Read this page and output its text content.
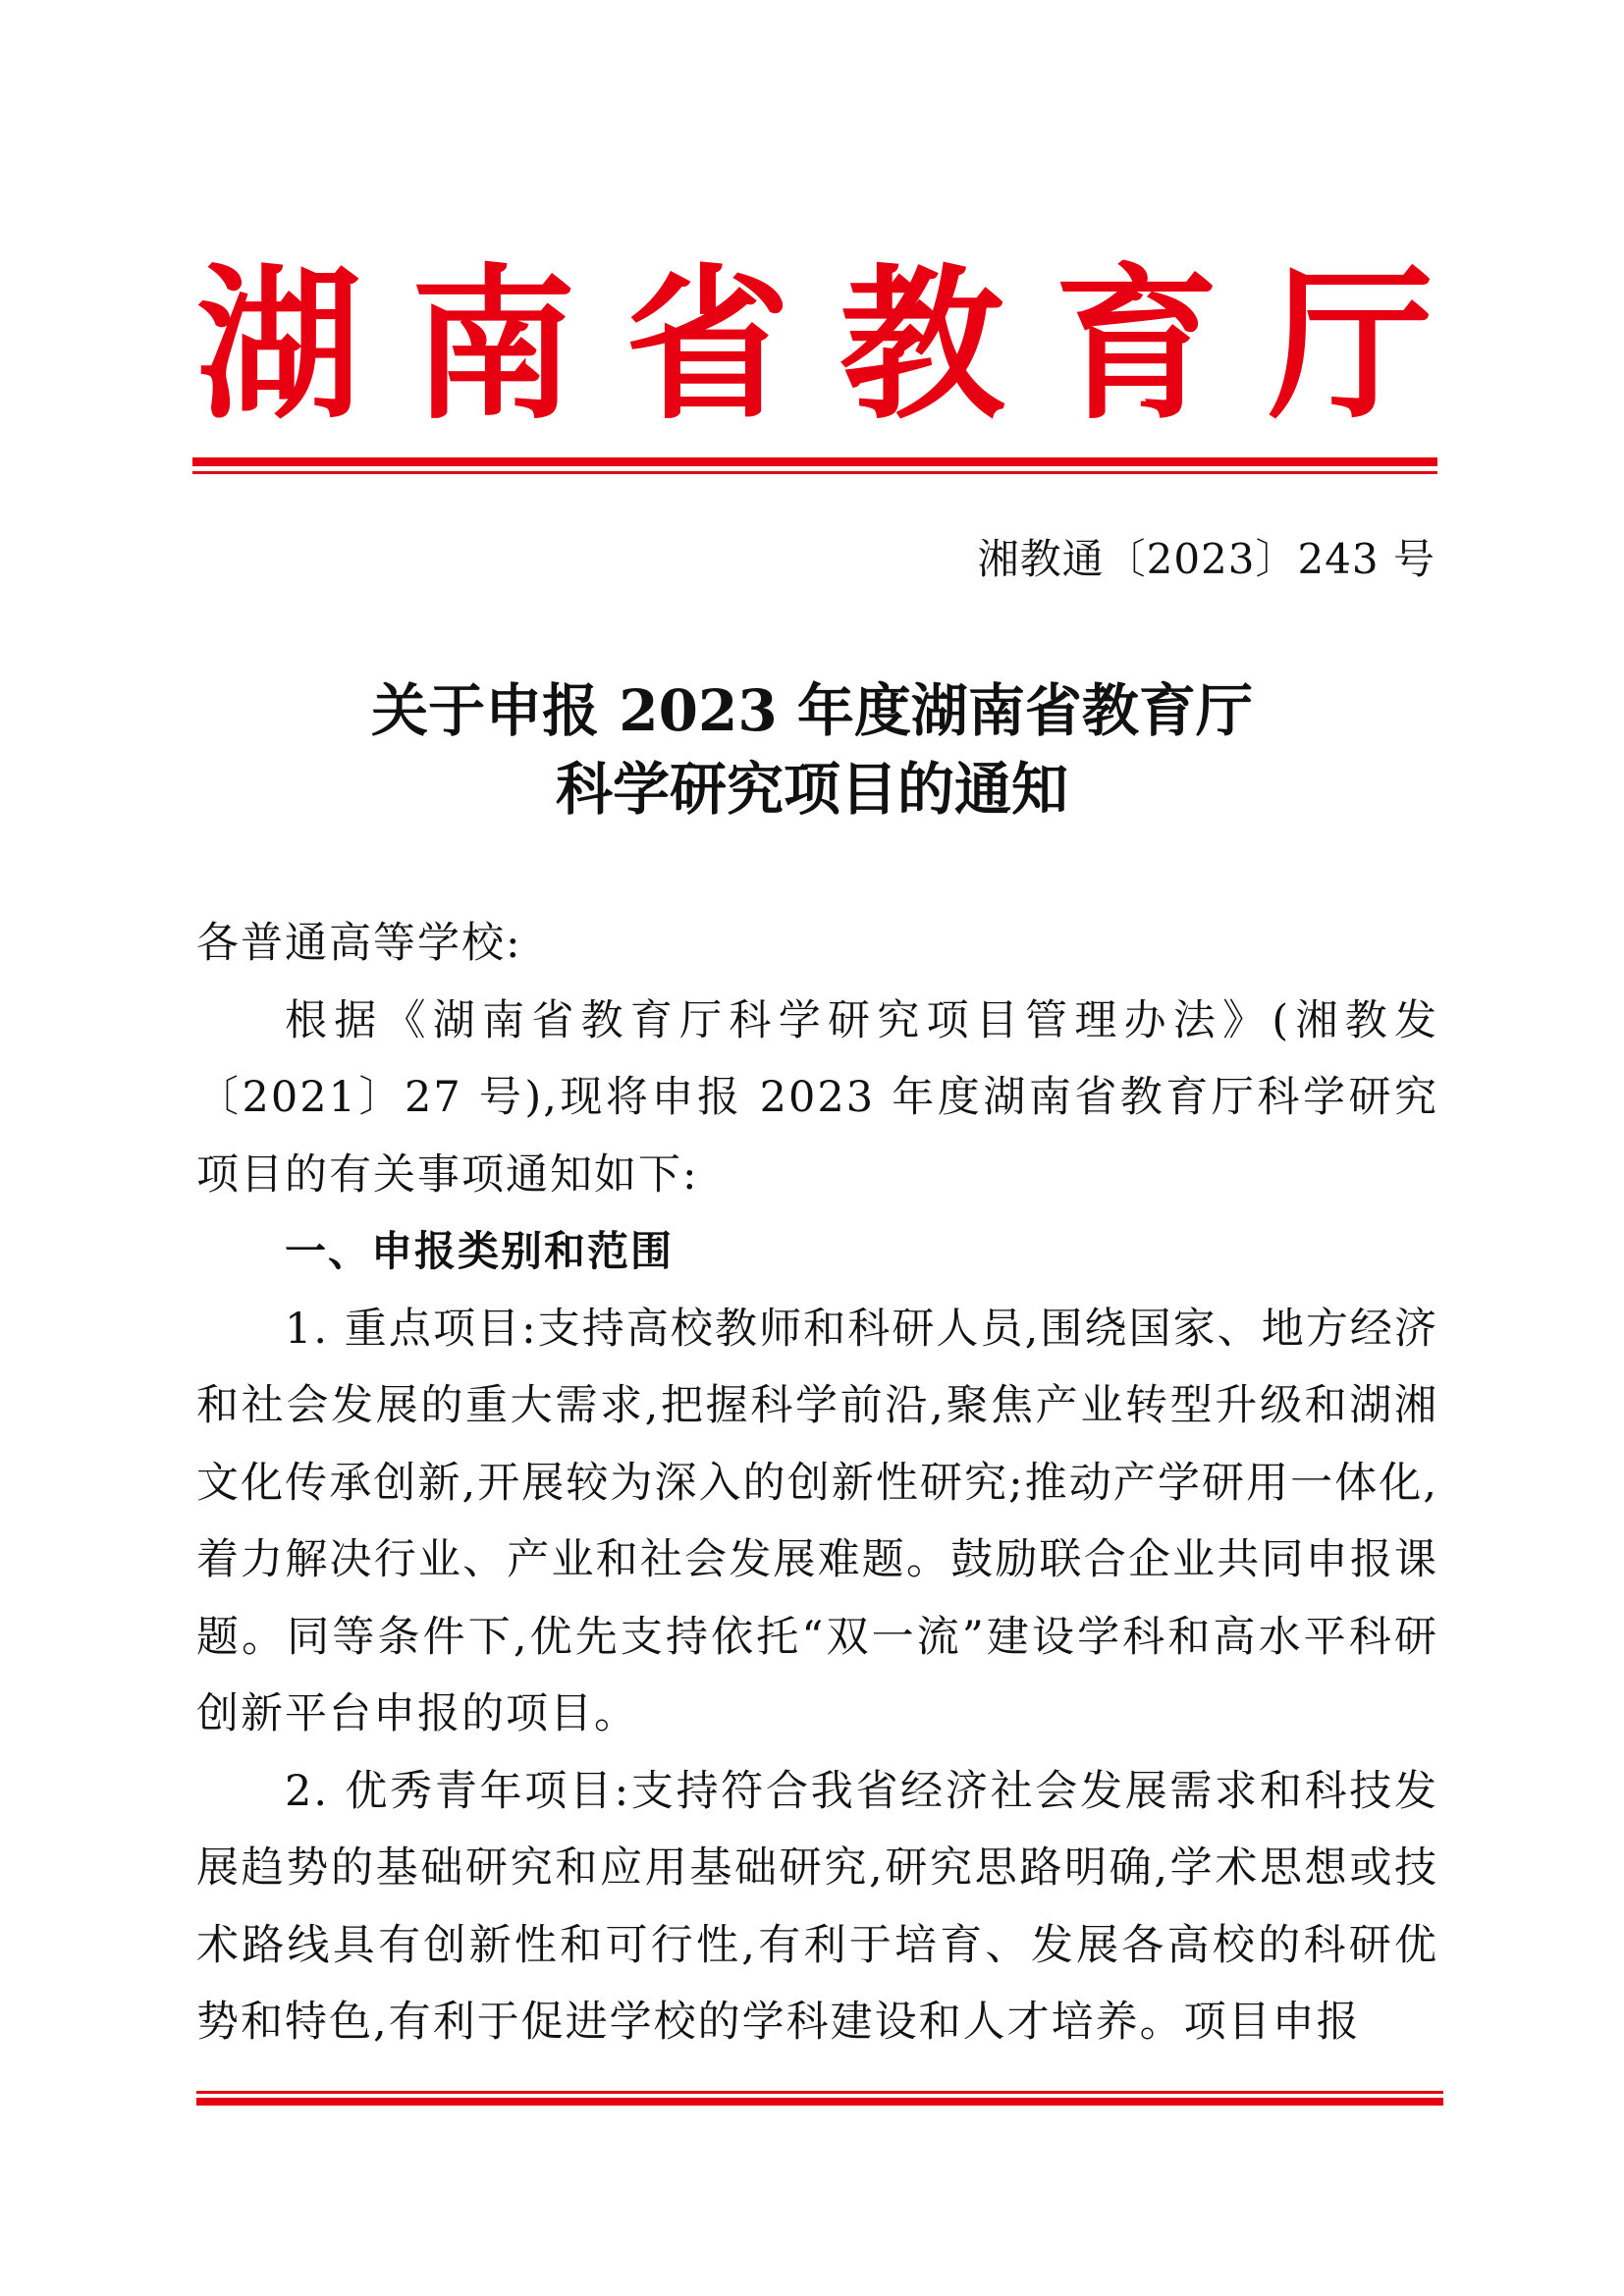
湖 南 省 教 育 厅
湘教通〔2023〕243 号
关于申报 2023 年度湖南省教育厅
科学研究项目的通知

各普通高等学校:

根据《湖南省教育厅科学研究项目管理办法》(湘教发〔2021〕27 号),现将申报 2023 年度湖南省教育厅科学研究项目的有关事项通知如下:

一、申报类别和范围

1. 重点项目:支持高校教师和科研人员,围绕国家、地方经济和社会发展的重大需求,把握科学前沿,聚焦产业转型升级和湖湘文化传承创新,开展较为深入的创新性研究;推动产学研用一体化,着力解决行业、产业和社会发展难题。鼓励联合企业共同申报课题。同等条件下,优先支持依托“双一流”建设学科和高水平科研创新平台申报的项目。

2. 优秀青年项目:支持符合我省经济社会发展需求和科技发展趋势的基础研究和应用基础研究,研究思路明确,学术思想或技术路线具有创新性和可行性,有利于培育、发展各高校的科研优势和特色,有利于促进学校的学科建设和人才培养。项目申报
